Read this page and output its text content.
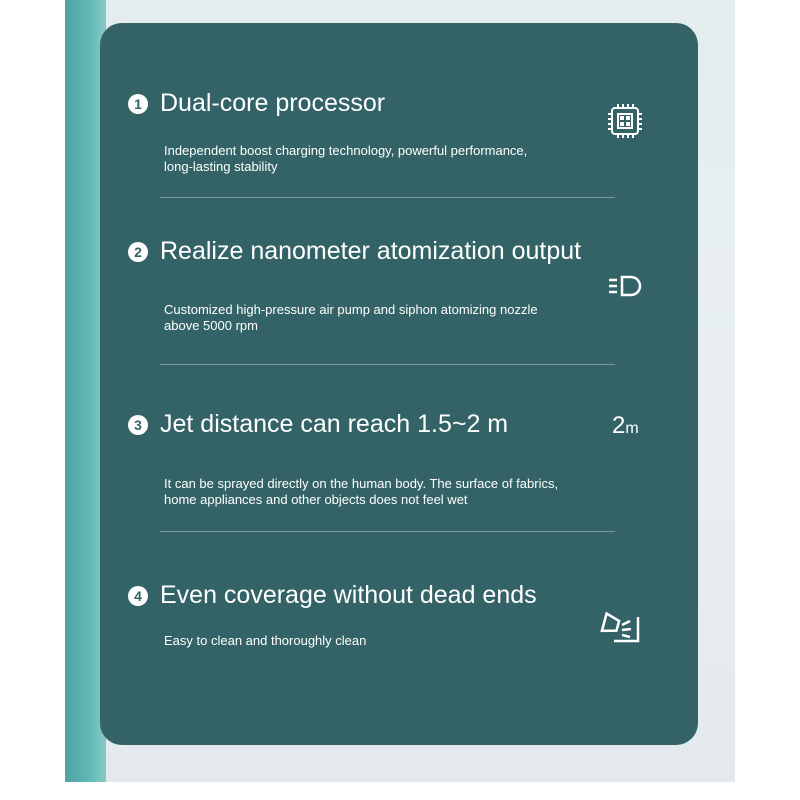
1 Dual-core processor
Independent boost charging technology, powerful performance,
long-lasting stability
2 Realize nanometer atomization output
Customized high-pressure air pump and siphon atomizing nozzle
above 5000 rpm
3 Jet distance can reach 1.5~2 m
It can be sprayed directly on the human body. The surface of fabrics,
home appliances and other objects does not feel wet
2m
4 Even coverage without dead ends
Easy to clean and thoroughly clean
